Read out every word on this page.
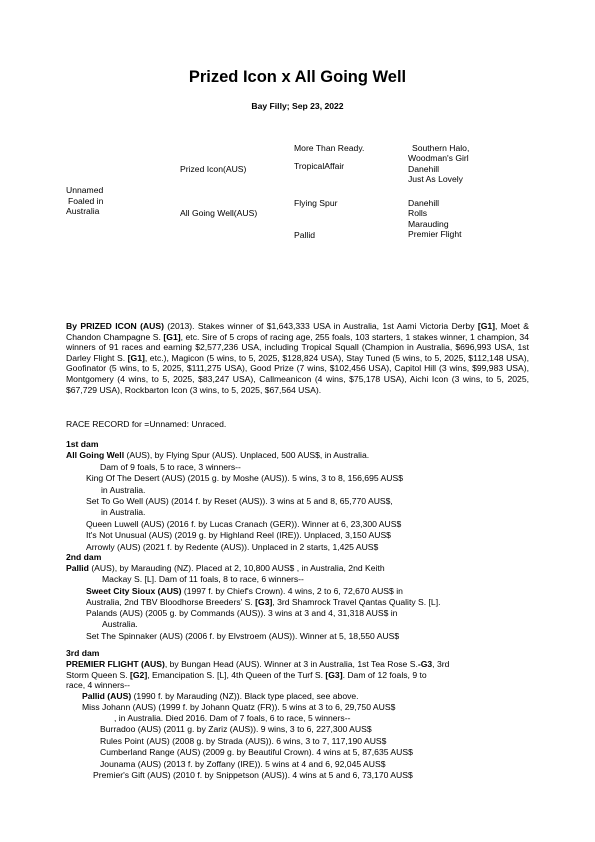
Prized Icon x All Going Well
Bay Filly; Sep 23, 2022
Unnamed
Foaled in
Australia
Prized Icon(AUS)
All Going Well(AUS)
More Than Ready.
TropicalAffair
Flying Spur
Pallid
Southern Halo,
Woodman's Girl
Danehill
Just As Lovely
Danehill
Rolls
Marauding
Premier Flight
By PRIZED ICON (AUS) (2013). Stakes winner of $1,643,333 USA in Australia, 1st Aami Victoria Derby [G1], Moet & Chandon Champagne S. [G1], etc. Sire of 5 crops of racing age, 255 foals, 103 starters, 1 stakes winner, 1 champion, 34 winners of 91 races and earning $2,577,236 USA, including Tropical Squall (Champion in Australia, $696,993 USA, 1st Darley Flight S. [G1], etc.), Magicon (5 wins, to 5, 2025, $128,824 USA), Stay Tuned (5 wins, to 5, 2025, $112,148 USA), Goofinator (5 wins, to 5, 2025, $111,275 USA), Good Prize (7 wins, $102,456 USA), Capitol Hill (3 wins, $99,983 USA), Montgomery (4 wins, to 5, 2025, $83,247 USA), Callmeanicon (4 wins, $75,178 USA), Aichi Icon (3 wins, to 5, 2025, $67,729 USA), Rockbarton Icon (3 wins, to 5, 2025, $67,564 USA).
RACE RECORD for =Unnamed: Unraced.
1st dam
All Going Well (AUS), by Flying Spur (AUS). Unplaced, 500 AUS$, in Australia.
Dam of 9 foals, 5 to race, 3 winners--
King Of The Desert (AUS) (2015 g. by Moshe (AUS)). 5 wins, 3 to 8, 156,695 AUS$
in Australia.
Set To Go Well (AUS) (2014 f. by Reset (AUS)). 3 wins at 5 and 8, 65,770 AUS$,
in Australia.
Queen Luwell (AUS) (2016 f. by Lucas Cranach (GER)). Winner at 6, 23,300 AUS$
It's Not Unusual (AUS) (2019 g. by Highland Reel (IRE)). Unplaced, 3,150 AUS$
Arrowly (AUS) (2021 f. by Redente (AUS)). Unplaced in 2 starts, 1,425 AUS$
2nd dam
Pallid (AUS), by Marauding (NZ). Placed at 2, 10,800 AUS$ , in Australia, 2nd Keith
Mackay S. [L]. Dam of 11 foals, 8 to race, 6 winners--
Sweet City Sioux (AUS) (1997 f. by Chief's Crown). 4 wins, 2 to 6, 72,670 AUS$ in
Australia, 2nd TBV Bloodhorse Breeders' S. [G3], 3rd Shamrock Travel Qantas Quality S. [L].
Palands (AUS) (2005 g. by Commands (AUS)). 3 wins at 3 and 4, 31,318 AUS$ in
Australia.
Set The Spinnaker (AUS) (2006 f. by Elvstroem (AUS)). Winner at 5, 18,550 AUS$
3rd dam
PREMIER FLIGHT (AUS), by Bungan Head (AUS). Winner at 3 in Australia, 1st Tea Rose S.-G3, 3rd
Storm Queen S. [G2], Emancipation S. [L], 4th Queen of the Turf S. [G3]. Dam of 12 foals, 9 to
race, 4 winners--
Pallid (AUS) (1990 f. by Marauding (NZ)). Black type placed, see above.
Miss Johann (AUS) (1999 f. by Johann Quatz (FR)). 5 wins at 3 to 6, 29,750 AUS$
, in Australia. Died 2016. Dam of 7 foals, 6 to race, 5 winners--
Burradoo (AUS) (2011 g. by Zariz (AUS)). 9 wins, 3 to 6, 227,300 AUS$
Rules Point (AUS) (2008 g. by Strada (AUS)). 6 wins, 3 to 7, 117,190 AUS$
Cumberland Range (AUS) (2009 g. by Beautiful Crown). 4 wins at 5, 87,635 AUS$
Jounama (AUS) (2013 f. by Zoffany (IRE)). 5 wins at 4 and 6, 92,045 AUS$
Premier's Gift (AUS) (2010 f. by Snippetson (AUS)). 4 wins at 5 and 6, 73,170 AUS$
